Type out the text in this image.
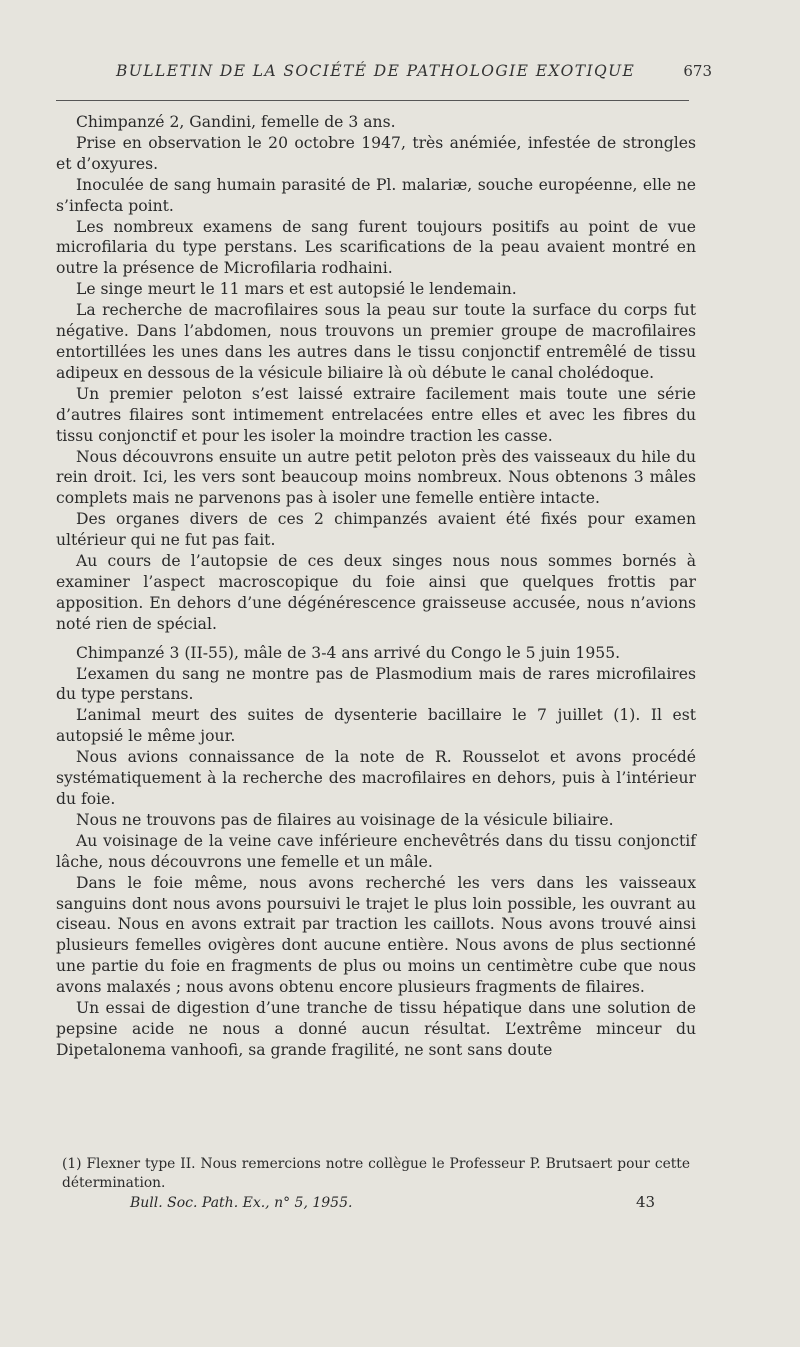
BULLETIN DE LA SOCIÉTÉ DE PATHOLOGIE EXOTIQUE	673

Chimpanzé 2, Gandini, femelle de 3 ans.

Prise en observation le 20 octobre 1947, très anémiée, infestée de strongles et d’oxyures.

Inoculée de sang humain parasité de Pl. malariæ, souche européenne, elle ne s’infecta point.

Les nombreux examens de sang furent toujours positifs au point de vue microfilaria du type perstans. Les scarifications de la peau avaient montré en outre la présence de Microfilaria rodhaini.

Le singe meurt le 11 mars et est autopsié le lendemain.

La recherche de macrofilaires sous la peau sur toute la surface du corps fut négative. Dans l’abdomen, nous trouvons un premier groupe de macrofilaires entortillées les unes dans les autres dans le tissu conjonctif entremêlé de tissu adipeux en dessous de la vésicule biliaire là où débute le canal cholédoque.

Un premier peloton s’est laissé extraire facilement mais toute une série d’autres filaires sont intimement entrelacées entre elles et avec les fibres du tissu conjonctif et pour les isoler la moindre traction les casse.

Nous découvrons ensuite un autre petit peloton près des vaisseaux du hile du rein droit. Ici, les vers sont beaucoup moins nombreux. Nous obtenons 3 mâles complets mais ne parvenons pas à isoler une femelle entière intacte.

Des organes divers de ces 2 chimpanzés avaient été fixés pour examen ultérieur qui ne fut pas fait.

Au cours de l’autopsie de ces deux singes nous nous sommes bornés à examiner l’aspect macroscopique du foie ainsi que quelques frottis par apposition. En dehors d’une dégénérescence graisseuse accusée, nous n’avions noté rien de spécial.

Chimpanzé 3 (II-55), mâle de 3-4 ans arrivé du Congo le 5 juin 1955.

L’examen du sang ne montre pas de Plasmodium mais de rares microfilaires du type perstans.

L’animal meurt des suites de dysenterie bacillaire le 7 juillet (1). Il est autopsié le même jour.

Nous avions connaissance de la note de R. Rousselot et avons procédé systématiquement à la recherche des macrofilaires en dehors, puis à l’intérieur du foie.

Nous ne trouvons pas de filaires au voisinage de la vésicule biliaire.

Au voisinage de la veine cave inférieure enchevêtrés dans du tissu conjonctif lâche, nous découvrons une femelle et un mâle.

Dans le foie même, nous avons recherché les vers dans les vaisseaux sanguins dont nous avons poursuivi le trajet le plus loin possible, les ouvrant au ciseau. Nous en avons extrait par traction les caillots. Nous avons trouvé ainsi plusieurs femelles ovigères dont aucune entière. Nous avons de plus sectionné une partie du foie en fragments de plus ou moins un centimètre cube que nous avons malaxés ; nous avons obtenu encore plusieurs fragments de filaires.

Un essai de digestion d’une tranche de tissu hépatique dans une solution de pepsine acide ne nous a donné aucun résultat. L’extrême minceur du Dipetalonema vanhoofi, sa grande fragilité, ne sont sans doute

(1) Flexner type II. Nous remercions notre collègue le Professeur P. Brutsaert pour cette détermination.

Bull. Soc. Path. Ex., n° 5, 1955.	43
